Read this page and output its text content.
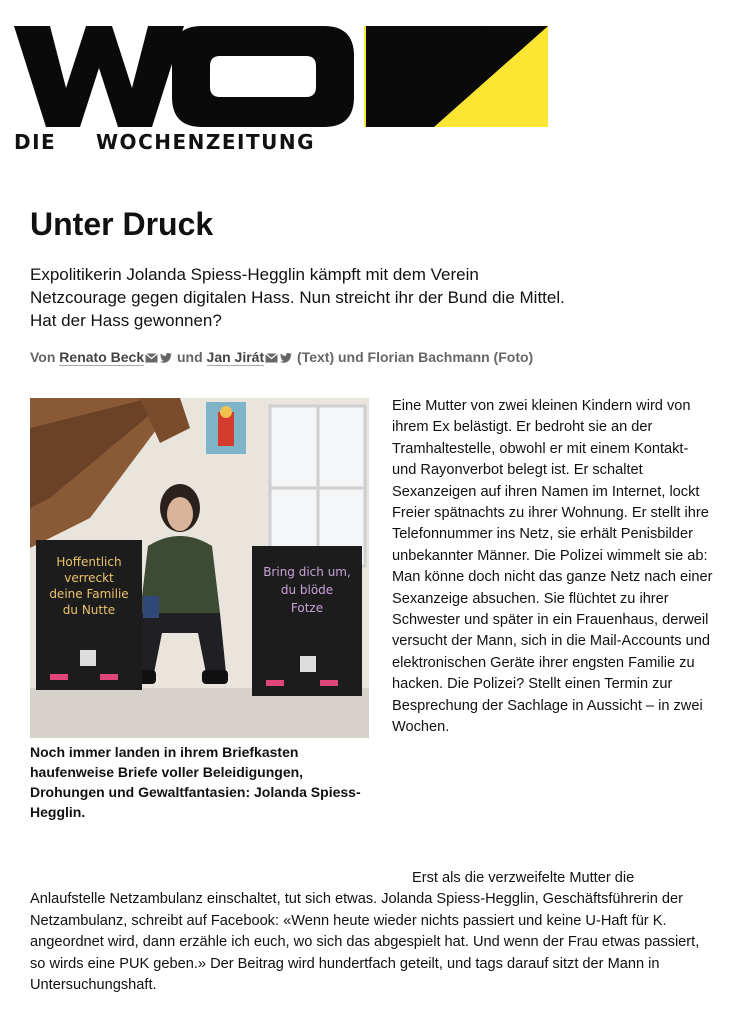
DIE WOCHENZEITUNG
Unter Druck

Expolitikerin Jolanda Spiess-Hegglin kämpft mit dem Verein Netzcourage gegen digitalen Hass. Nun streicht ihr der Bund die Mittel. Hat der Hass gewonnen?

Von Renato Beck und Jan Jirát (Text) und Florian Bachmann (Foto)
Hoffentlich
verreckt
deine Familie
du Nutte
Bring dich um,
du blöde
Fotze

Noch immer landen in ihrem Briefkasten haufenweise Briefe voller Beleidigungen, Drohungen und Gewaltfantasien: Jolanda Spiess-Hegglin.

Eine Mutter von zwei kleinen Kindern wird von ihrem Ex belästigt. Er bedroht sie an der Tramhaltestelle, obwohl er mit einem Kontakt- und Rayonverbot belegt ist. Er schaltet Sexanzeigen auf ihren Namen im Internet, lockt Freier spätnachts zu ihrer Wohnung. Er stellt ihre Telefonnummer ins Netz, sie erhält Penisbilder unbekannter Männer. Die Polizei wimmelt sie ab: Man könne doch nicht das ganze Netz nach einer Sexanzeige absuchen. Sie flüchtet zu ihrer Schwester und später in ein Frauenhaus, derweil versucht der Mann, sich in die Mail-Accounts und elektronischen Geräte ihrer engsten Familie zu hacken. Die Polizei? Stellt einen Termin zur Besprechung der Sachlage in Aussicht – in zwei Wochen.

Erst als die verzweifelte Mutter die Anlaufstelle Netzambulanz einschaltet, tut sich etwas. Jolanda Spiess-Hegglin, Geschäftsführerin der Netzambulanz, schreibt auf Facebook: «Wenn heute wieder nichts passiert und keine U-Haft für K. angeordnet wird, dann erzähle ich euch, wo sich das abgespielt hat. Und wenn der Frau etwas passiert, so wirds eine PUK geben.» Der Beitrag wird hundertfach geteilt, und tags darauf sitzt der Mann in Untersuchungshaft.
